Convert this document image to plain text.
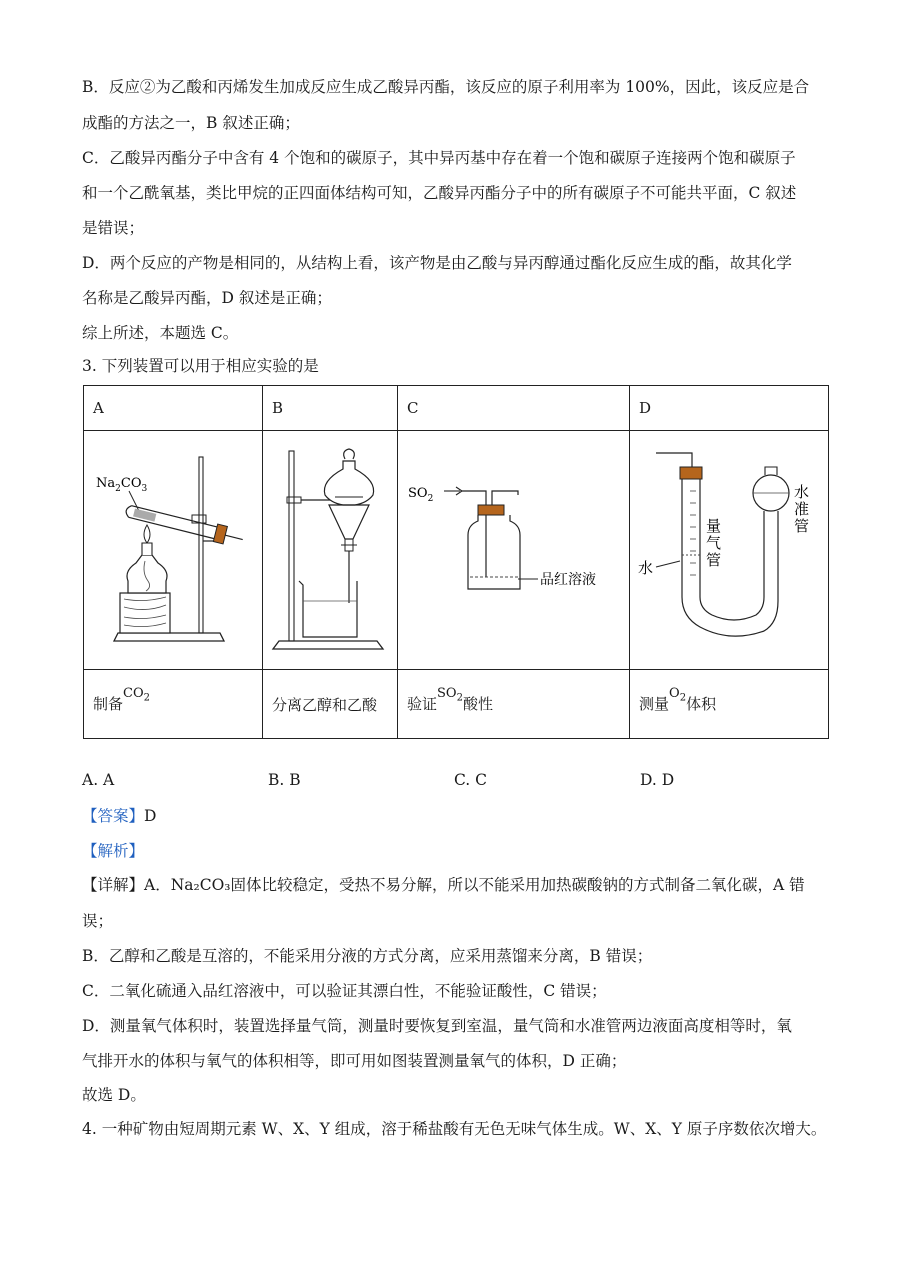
B．反应②为乙酸和丙烯发生加成反应生成乙酸异丙酯，该反应的原子利用率为 100%，因此，该反应是合
成酯的方法之一，B 叙述正确；
C．乙酸异丙酯分子中含有 4 个饱和的碳原子，其中异丙基中存在着一个饱和碳原子连接两个饱和碳原子
和一个乙酰氧基，类比甲烷的正四面体结构可知，乙酸异丙酯分子中的所有碳原子不可能共平面，C 叙述
是错误；
D．两个反应的产物是相同的，从结构上看，该产物是由乙酸与异丙醇通过酯化反应生成的酯，故其化学
名称是乙酸异丙酯，D 叙述是正确；
综上所述，本题选 C。
3. 下列装置可以用于相应实验的是
A	B	C	D

$Na_2CO_3$		$SO_2$
品红溶液	水
量气管
水准管

制备$CO_2$	分离乙醇和乙酸	验证$SO_2$酸性	测量$O_2$体积
A. A	B. B	C. C	D. D
【答案】D
【解析】
【详解】A．Na₂CO₃固体比较稳定，受热不易分解，所以不能采用加热碳酸钠的方式制备二氧化碳，A 错
误；
B．乙醇和乙酸是互溶的，不能采用分液的方式分离，应采用蒸馏来分离，B 错误；
C．二氧化硫通入品红溶液中，可以验证其漂白性，不能验证酸性，C 错误；
D．测量氧气体积时，装置选择量气筒，测量时要恢复到室温，量气筒和水准管两边液面高度相等时，氧
气排开水的体积与氧气的体积相等，即可用如图装置测量氧气的体积，D 正确；
故选 D。
4. 一种矿物由短周期元素 W、X、Y 组成，溶于稀盐酸有无色无味气体生成。W、X、Y 原子序数依次增大。
